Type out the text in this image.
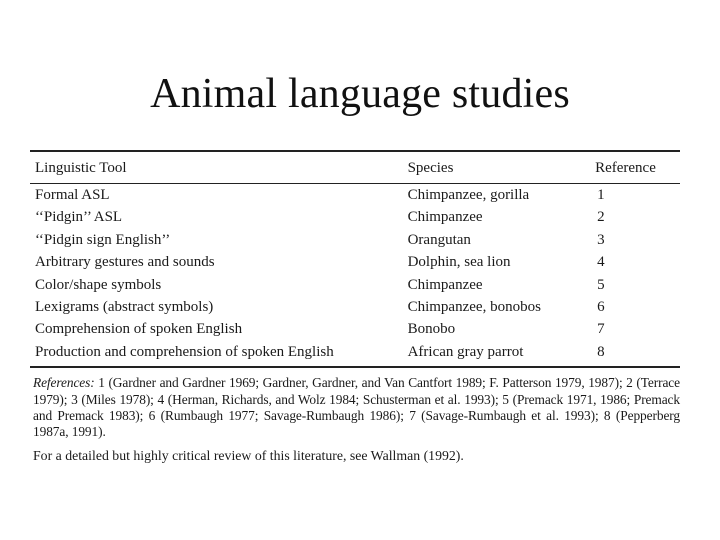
Animal language studies
Linguistic Tool	Species	Reference

Formal ASL	Chimpanzee, gorilla	1
‘‘Pidgin’’ ASL	Chimpanzee	2
‘‘Pidgin sign English’’	Orangutan	3
Arbitrary gestures and sounds	Dolphin, sea lion	4
Color/shape symbols	Chimpanzee	5
Lexigrams (abstract symbols)	Chimpanzee, bonobos	6
Comprehension of spoken English	Bonobo	7
Production and comprehension of spoken English	African gray parrot	8

References: 1 (Gardner and Gardner 1969; Gardner, Gardner, and Van Cantfort 1989; F. Patterson 1979, 1987); 2 (Terrace 1979); 3 (Miles 1978); 4 (Herman, Richards, and Wolz 1984; Schusterman et al. 1993); 5 (Premack 1971, 1986; Premack and Premack 1983); 6 (Rumbaugh 1977; Savage-Rumbaugh 1986); 7 (Savage-Rumbaugh et al. 1993); 8 (Pepperberg 1987a, 1991).

For a detailed but highly critical review of this literature, see Wallman (1992).
